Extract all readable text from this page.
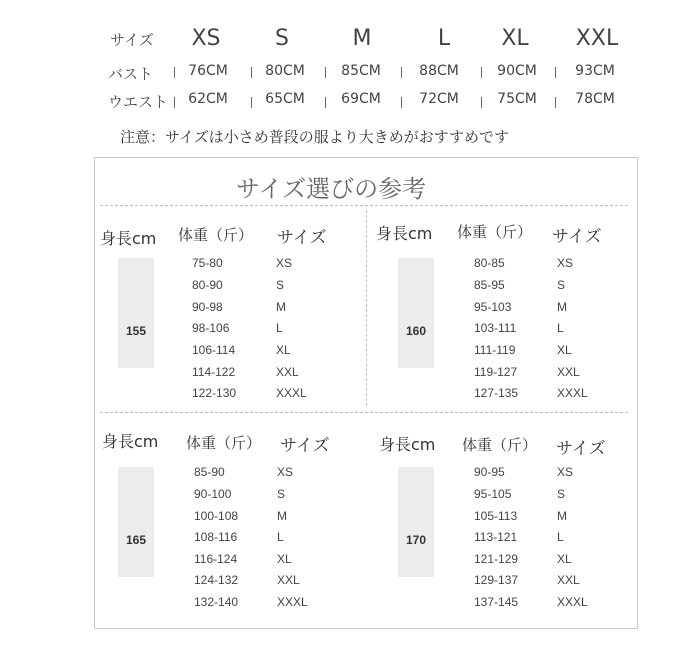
サイズ	XS	S	M	L	XL	XXL
バスト	76CM	80CM	85CM	88CM	90CM	93CM
ウエスト	62CM	65CM	69CM	72CM	75CM	78CM
注意：サイズは小さめ普段の服より大きめがおすすめです
サイズ選びの参考
身長cm 体重（斤） サイズ
155
75-80	XS
80-90	S
90-98	M
98-106	L
106-114	XL
114-122	XXL
122-130	XXXL
身長cm 体重（斤） サイズ
160
80-85	XS
85-95	S
95-103	M
103-111	L
111-119	XL
119-127	XXL
127-135	XXXL
身長cm 体重（斤） サイズ
165
85-90	XS
90-100	S
100-108	M
108-116	L
116-124	XL
124-132	XXL
132-140	XXXL
身長cm 体重（斤） サイズ
170
90-95	XS
95-105	S
105-113	M
113-121	L
121-129	XL
129-137	XXL
137-145	XXXL
